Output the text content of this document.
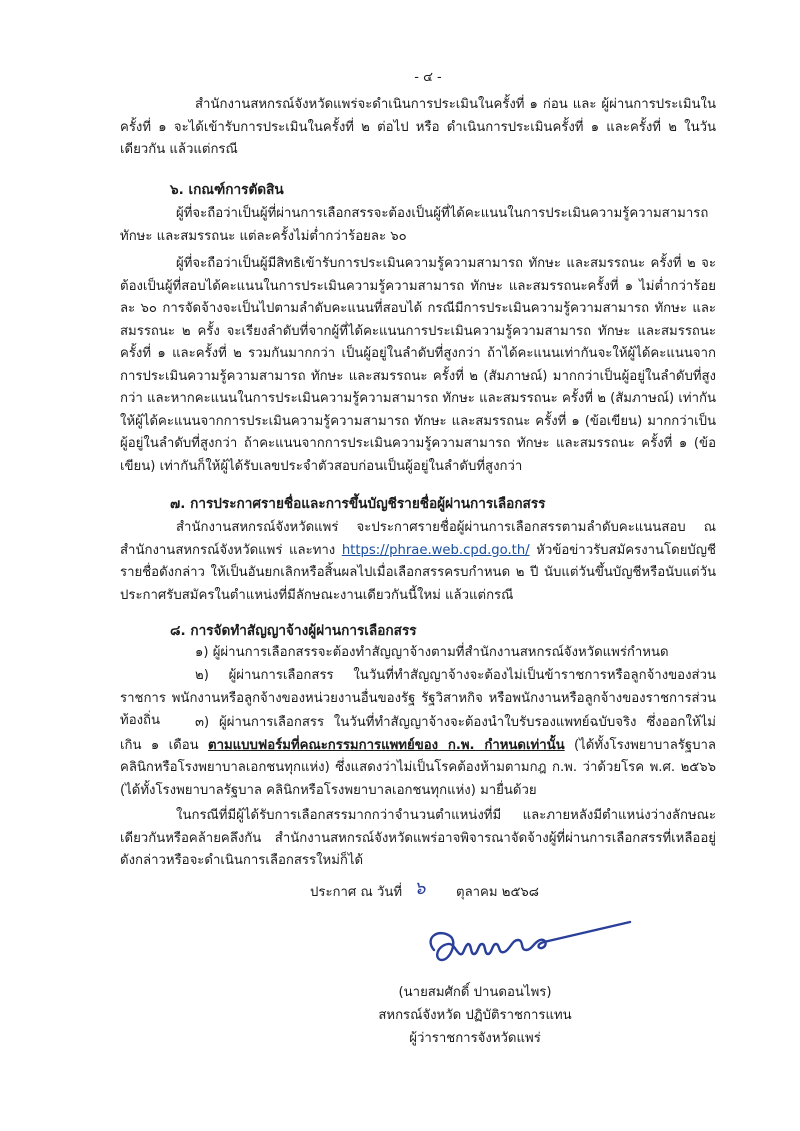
- ๔ -
สำนักงานสหกรณ์จังหวัดแพร่จะดำเนินการประเมินในครั้งที่ ๑ ก่อน และ ผู้ผ่านการประเมินในครั้งที่ ๑ จะได้เข้ารับการประเมินในครั้งที่ ๒ ต่อไป หรือ ดำเนินการประเมินครั้งที่ ๑ และครั้งที่ ๒ ในวันเดียวกัน แล้วแต่กรณี
๖. เกณฑ์การตัดสิน
ผู้ที่จะถือว่าเป็นผู้ที่ผ่านการเลือกสรรจะต้องเป็นผู้ที่ได้คะแนนในการประเมินความรู้ความสามารถ ทักษะ และสมรรถนะ แต่ละครั้งไม่ต่ำกว่าร้อยละ ๖๐
ผู้ที่จะถือว่าเป็นผู้มีสิทธิเข้ารับการประเมินความรู้ความสามารถ ทักษะ และสมรรถนะ ครั้งที่ ๒ จะต้องเป็นผู้ที่สอบได้คะแนนในการประเมินความรู้ความสามารถ ทักษะ และสมรรถนะครั้งที่ ๑ ไม่ต่ำกว่าร้อยละ ๖๐ การจัดจ้างจะเป็นไปตามลำดับคะแนนที่สอบได้ กรณีมีการประเมินความรู้ความสามารถ ทักษะ และสมรรถนะ ๒ ครั้ง จะเรียงลำดับที่จากผู้ที่ได้คะแนนการประเมินความรู้ความสามารถ ทักษะ และสมรรถนะครั้งที่ ๑ และครั้งที่ ๒ รวมกันมากกว่า เป็นผู้อยู่ในลำดับที่สูงกว่า ถ้าได้คะแนนเท่ากันจะให้ผู้ได้คะแนนจากการประเมินความรู้ความสามารถ ทักษะ และสมรรถนะ ครั้งที่ ๒ (สัมภาษณ์) มากกว่าเป็นผู้อยู่ในลำดับที่สูงกว่า และหากคะแนนในการประเมินความรู้ความสามารถ ทักษะ และสมรรถนะ ครั้งที่ ๒ (สัมภาษณ์) เท่ากันให้ผู้ได้คะแนนจากการประเมินความรู้ความสามารถ ทักษะ และสมรรถนะ ครั้งที่ ๑ (ข้อเขียน) มากกว่าเป็นผู้อยู่ในลำดับที่สูงกว่า ถ้าคะแนนจากการประเมินความรู้ความสามารถ ทักษะ และสมรรถนะ ครั้งที่ ๑ (ข้อเขียน) เท่ากันก็ให้ผู้ได้รับเลขประจำตัวสอบก่อนเป็นผู้อยู่ในลำดับที่สูงกว่า
๗. การประกาศรายชื่อและการขึ้นบัญชีรายชื่อผู้ผ่านการเลือกสรร
สำนักงานสหกรณ์จังหวัดแพร่ จะประกาศรายชื่อผู้ผ่านการเลือกสรรตามลำดับคะแนนสอบ ณ สำนักงานสหกรณ์จังหวัดแพร่ และทาง https://phrae.web.cpd.go.th/ หัวข้อข่าวรับสมัครงานโดยบัญชีรายชื่อดังกล่าว ให้เป็นอันยกเลิกหรือสิ้นผลไปเมื่อเลือกสรรครบกำหนด ๒ ปี นับแต่วันขึ้นบัญชีหรือนับแต่วันประกาศรับสมัครในตำแหน่งที่มีลักษณะงานเดียวกันนี้ใหม่ แล้วแต่กรณี
๘. การจัดทำสัญญาจ้างผู้ผ่านการเลือกสรร
๑) ผู้ผ่านการเลือกสรรจะต้องทำสัญญาจ้างตามที่สำนักงานสหกรณ์จังหวัดแพร่กำหนด
๒) ผู้ผ่านการเลือกสรร ในวันที่ทำสัญญาจ้างจะต้องไม่เป็นข้าราชการหรือลูกจ้างของส่วนราชการ พนักงานหรือลูกจ้างของหน่วยงานอื่นของรัฐ รัฐวิสาหกิจ หรือพนักงานหรือลูกจ้างของราชการส่วนท้องถิ่น	๓) ผู้ผ่านการเลือกสรร ในวันที่ทำสัญญาจ้างจะต้องนำใบรับรองแพทย์ฉบับจริง ซึ่งออกให้ไม่เกิน ๑ เดือน ตามแบบฟอร์มที่คณะกรรมการแพทย์ของ ก.พ. กำหนดเท่านั้น (ได้ทั้งโรงพยาบาลรัฐบาล คลินิกหรือโรงพยาบาลเอกชนทุกแห่ง) ซึ่งแสดงว่าไม่เป็นโรคต้องห้ามตามกฎ ก.พ. ว่าด้วยโรค พ.ศ. ๒๕๖๖ (ได้ทั้งโรงพยาบาลรัฐบาล คลินิกหรือโรงพยาบาลเอกชนทุกแห่ง) มายื่นด้วย
ในกรณีที่มีผู้ได้รับการเลือกสรรมากกว่าจำนวนตำแหน่งที่มี และภายหลังมีตำแหน่งว่างลักษณะเดียวกันหรือคล้ายคลึงกัน สำนักงานสหกรณ์จังหวัดแพร่อาจพิจารณาจัดจ้างผู้ที่ผ่านการเลือกสรรที่เหลืออยู่ดังกล่าวหรือจะดำเนินการเลือกสรรใหม่ก็ได้
ประกาศ ณ วันที่ ๖ ตุลาคม ๒๕๖๘
(นายสมศักดิ์ ปานดอนไพร)
สหกรณ์จังหวัด ปฏิบัติราชการแทน
ผู้ว่าราชการจังหวัดแพร่
